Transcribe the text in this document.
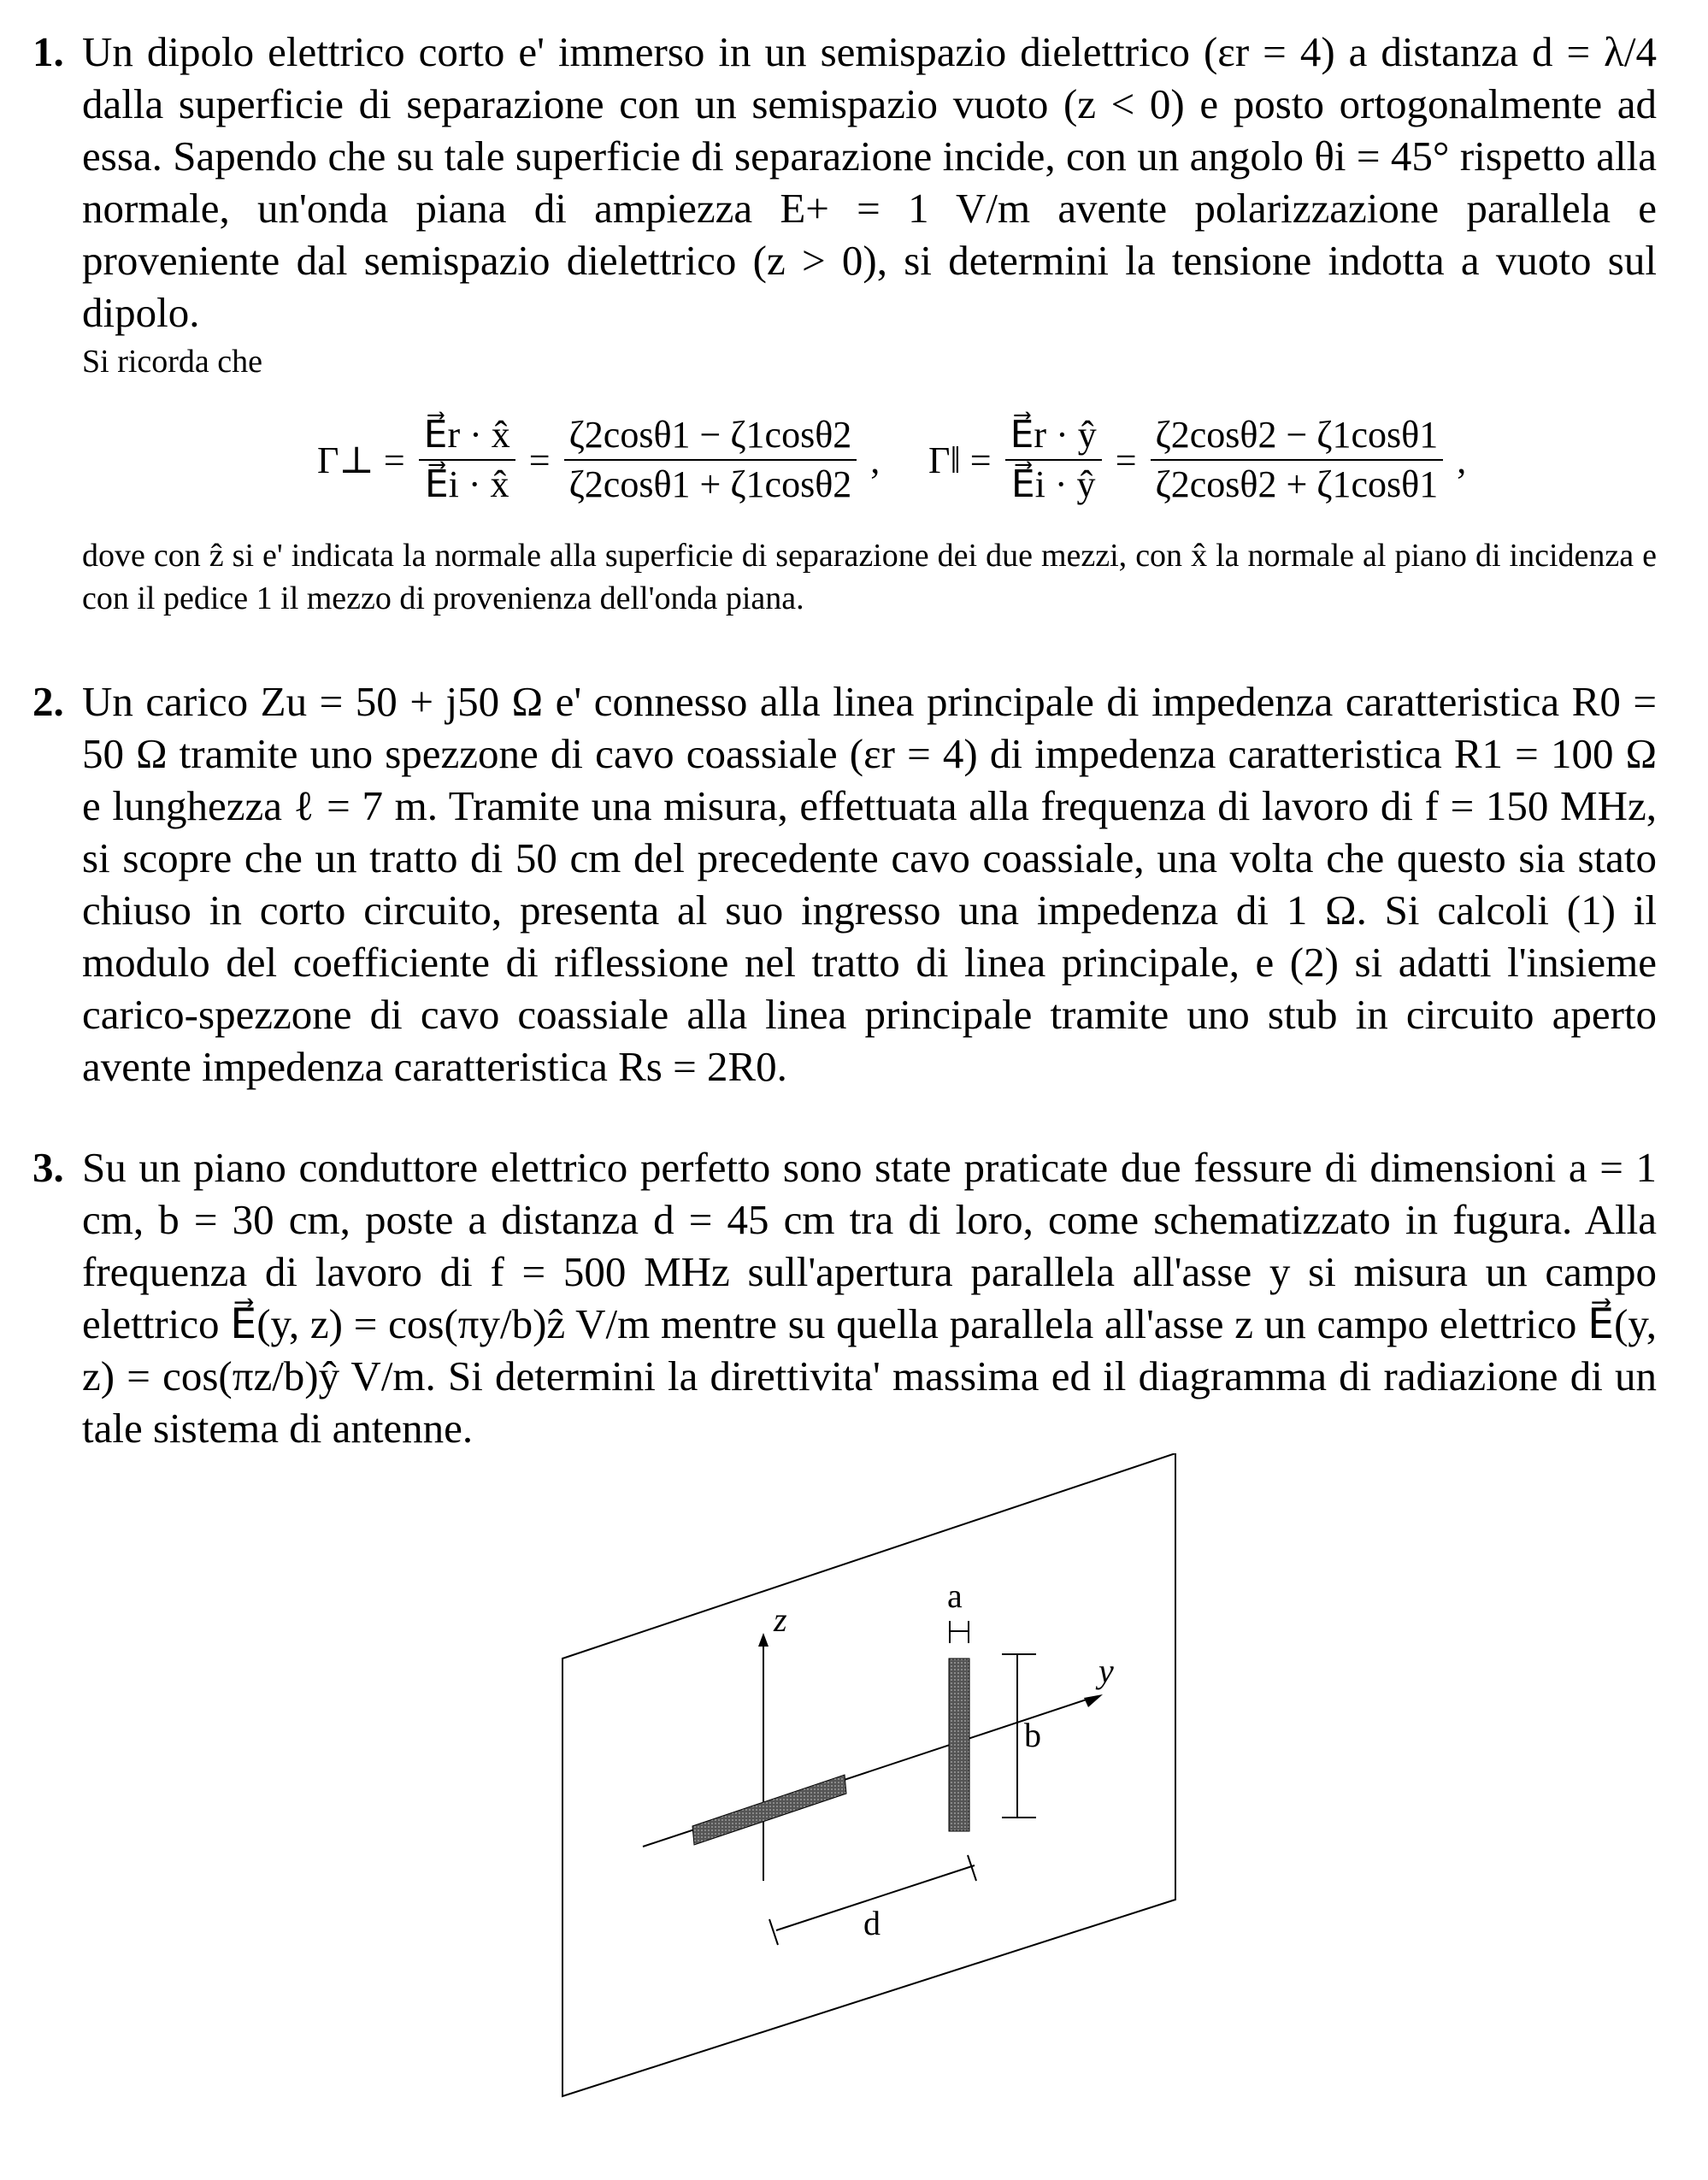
1. Un dipolo elettrico corto e' immerso in un semispazio dielettrico (εr = 4) a distanza d = λ/4 dalla superficie di separazione con un semispazio vuoto (z < 0) e posto ortogonalmente ad essa. Sapendo che su tale superficie di separazione incide, con un angolo θi = 45° rispetto alla normale, un'onda piana di ampiezza E+ = 1 V/m avente polarizzazione parallela e proveniente dal semispazio dielettrico (z > 0), si determini la tensione indotta a vuoto sul dipolo.
Si ricorda che
Γ⊥ = $\frac{E⃗r \cdot x̂}{E⃗i \cdot x̂} = \frac{\zeta 2\cos\theta 1 - \zeta 1\cos\theta 2}{\zeta 2\cos\theta 1 + \zeta 1\cos\theta 2}$ , Γ‖ = $\frac{E⃗r \cdot ŷ}{E⃗i \cdot ŷ} = \frac{\zeta 2\cos\theta 2 - \zeta 1\cos\theta 1}{\zeta 2\cos\theta 2 + \zeta 1\cos\theta 1}$ ,
dove con ẑ si e' indicata la normale alla superficie di separazione dei due mezzi, con x̂ la normale al piano di incidenza e con il pedice 1 il mezzo di provenienza dell'onda piana.
2. Un carico Zu = 50 + j50 Ω e' connesso alla linea principale di impedenza caratteristica R0 = 50 Ω tramite uno spezzone di cavo coassiale (εr = 4) di impedenza caratteristica R1 = 100 Ω e lunghezza ℓ = 7 m. Tramite una misura, effettuata alla frequenza di lavoro di f = 150 MHz, si scopre che un tratto di 50 cm del precedente cavo coassiale, una volta che questo sia stato chiuso in corto circuito, presenta al suo ingresso una impedenza di 1 Ω. Si calcoli (1) il modulo del coefficiente di riflessione nel tratto di linea principale, e (2) si adatti l'insieme carico-spezzone di cavo coassiale alla linea principale tramite uno stub in circuito aperto avente impedenza caratteristica Rs = 2R0.
3. Su un piano conduttore elettrico perfetto sono state praticate due fessure di dimensioni a = 1 cm, b = 30 cm, poste a distanza d = 45 cm tra di loro, come schematizzato in fugura. Alla frequenza di lavoro di f = 500 MHz sull'apertura parallela all'asse y si misura un campo elettrico E⃗(y, z) = cos(πy/b)ẑ V/m mentre su quella parallela all'asse z un campo elettrico E⃗(y, z) = cos(πz/b)ŷ V/m. Si determini la direttivita' massima ed il diagramma di radiazione di un tale sistema di antenne.
z
y
a
b
d
